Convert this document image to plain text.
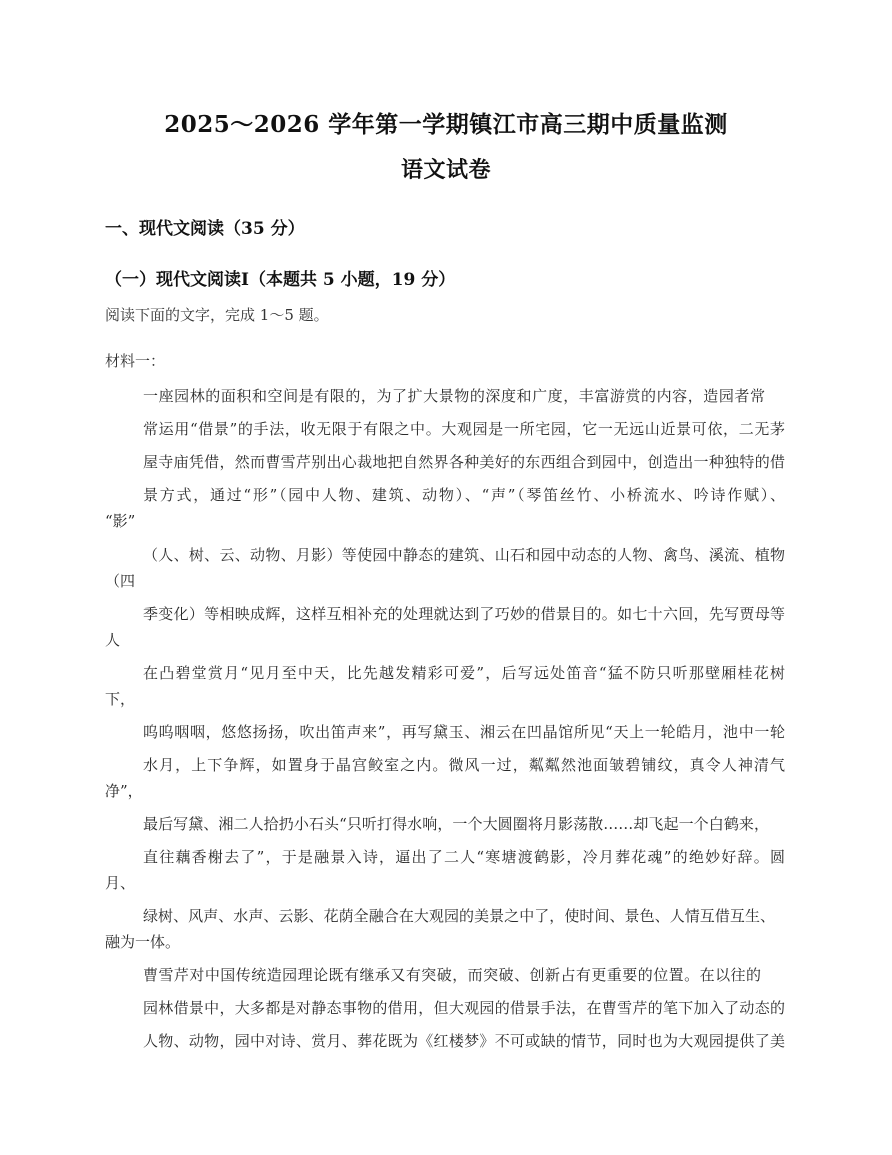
2025～2026 学年第一学期镇江市高三期中质量监测
语文试卷
一、现代文阅读（35 分）
（一）现代文阅读Ⅰ（本题共 5 小题，19 分）
阅读下面的文字，完成 1～5 题。
材料一：
一座园林的面积和空间是有限的，为了扩大景物的深度和广度，丰富游赏的内容，造园者常
常运用“借景”的手法，收无限于有限之中。大观园是一所宅园，它一无远山近景可依，二无茅
屋寺庙凭借，然而曹雪芹别出心裁地把自然界各种美好的东西组合到园中，创造出一种独特的借
景方式，通过“形”（园中人物、建筑、动物）、“声”（琴笛丝竹、小桥流水、吟诗作赋）、
“影”
（人、树、云、动物、月影）等使园中静态的建筑、山石和园中动态的人物、禽鸟、溪流、植物
（四
季变化）等相映成辉，这样互相补充的处理就达到了巧妙的借景目的。如七十六回，先写贾母等
人
在凸碧堂赏月“见月至中天，比先越发精彩可爱”，后写远处笛音“猛不防只听那壁厢桂花树
下，
呜呜咽咽，悠悠扬扬，吹出笛声来”，再写黛玉、湘云在凹晶馆所见“天上一轮皓月，池中一轮
水月，上下争辉，如置身于晶宫鲛室之内。微风一过，粼粼然池面皱碧铺纹，真令人神清气
净”，
最后写黛、湘二人拾扔小石头“只听打得水响，一个大圆圈将月影荡散……却飞起一个白鹤来，
直往藕香榭去了”，于是融景入诗，逼出了二人“寒塘渡鹤影，冷月葬花魂”的绝妙好辞。圆
月、
绿树、风声、水声、云影、花荫全融合在大观园的美景之中了，使时间、景色、人情互借互生、
融为一体。
曹雪芹对中国传统造园理论既有继承又有突破，而突破、创新占有更重要的位置。在以往的
园林借景中，大多都是对静态事物的借用，但大观园的借景手法，在曹雪芹的笔下加入了动态的
人物、动物，园中对诗、赏月、葬花既为《红楼梦》不可或缺的情节，同时也为大观园提供了美
